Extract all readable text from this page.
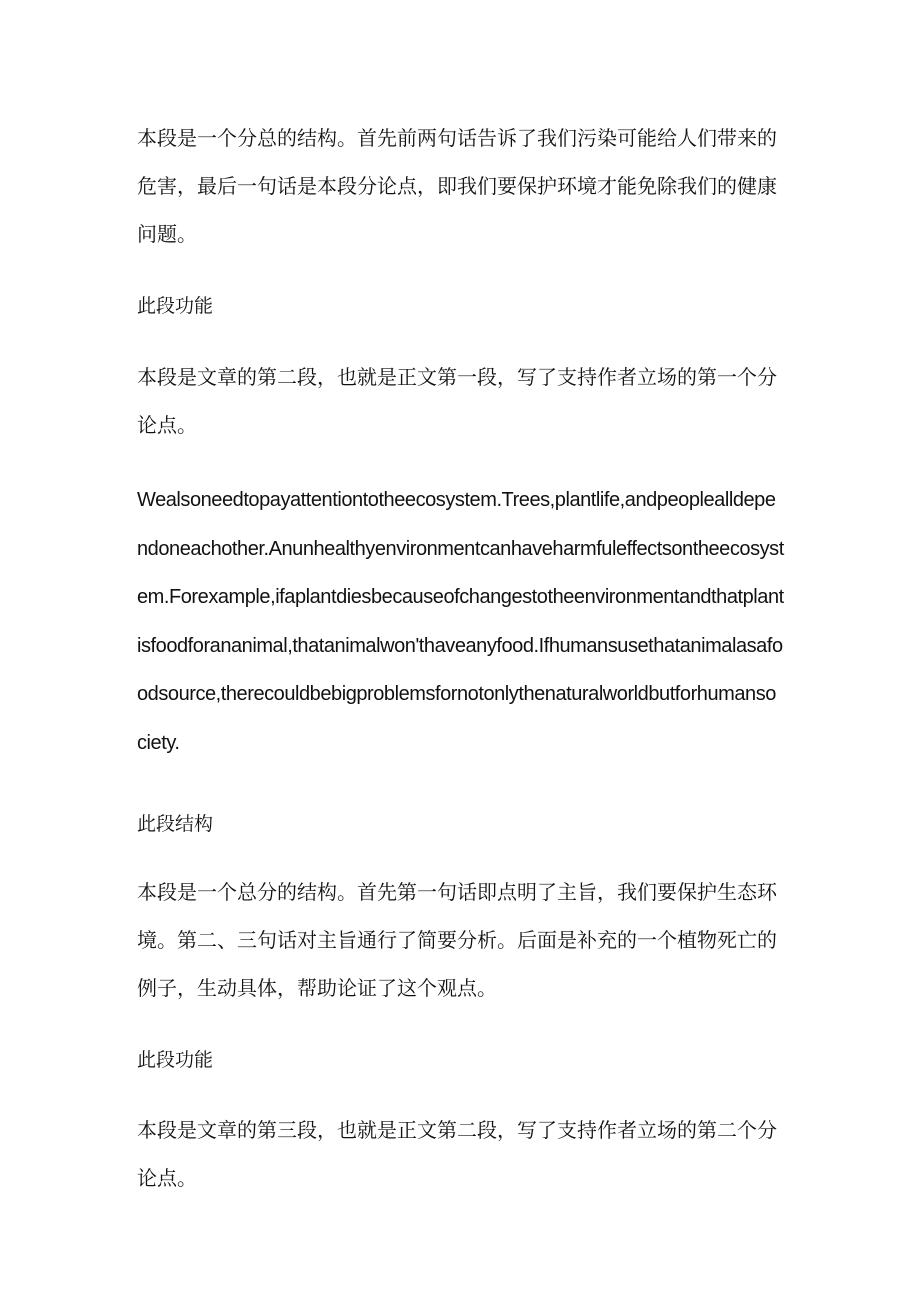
本段是一个分总的结构。首先前两句话告诉了我们污染可能给人们带来的危害，最后一句话是本段分论点，即我们要保护环境才能免除我们的健康问题。
此段功能
本段是文章的第二段，也就是正文第一段，写了支持作者立场的第一个分论点。
Wealsoneedtopayattentiontotheecosystem.Trees,plantlife,andpeoplealldependoneachother.Anunhealthyenvironmentcanhaveharmfuleffectsontheecosystem.Forexample,ifaplantdiesbecauseofchangestotheenvironmentandthatplantisfoodforananimal,thatanimalwon'thaveanyfood.Ifhumansusethatanimalasafoodsource,therecouldbebigproblemsfornotonlythenaturalworldbutforhumansociety.
此段结构
本段是一个总分的结构。首先第一句话即点明了主旨，我们要保护生态环境。第二、三句话对主旨通行了简要分析。后面是补充的一个植物死亡的例子，生动具体，帮助论证了这个观点。
此段功能
本段是文章的第三段，也就是正文第二段，写了支持作者立场的第二个分论点。
